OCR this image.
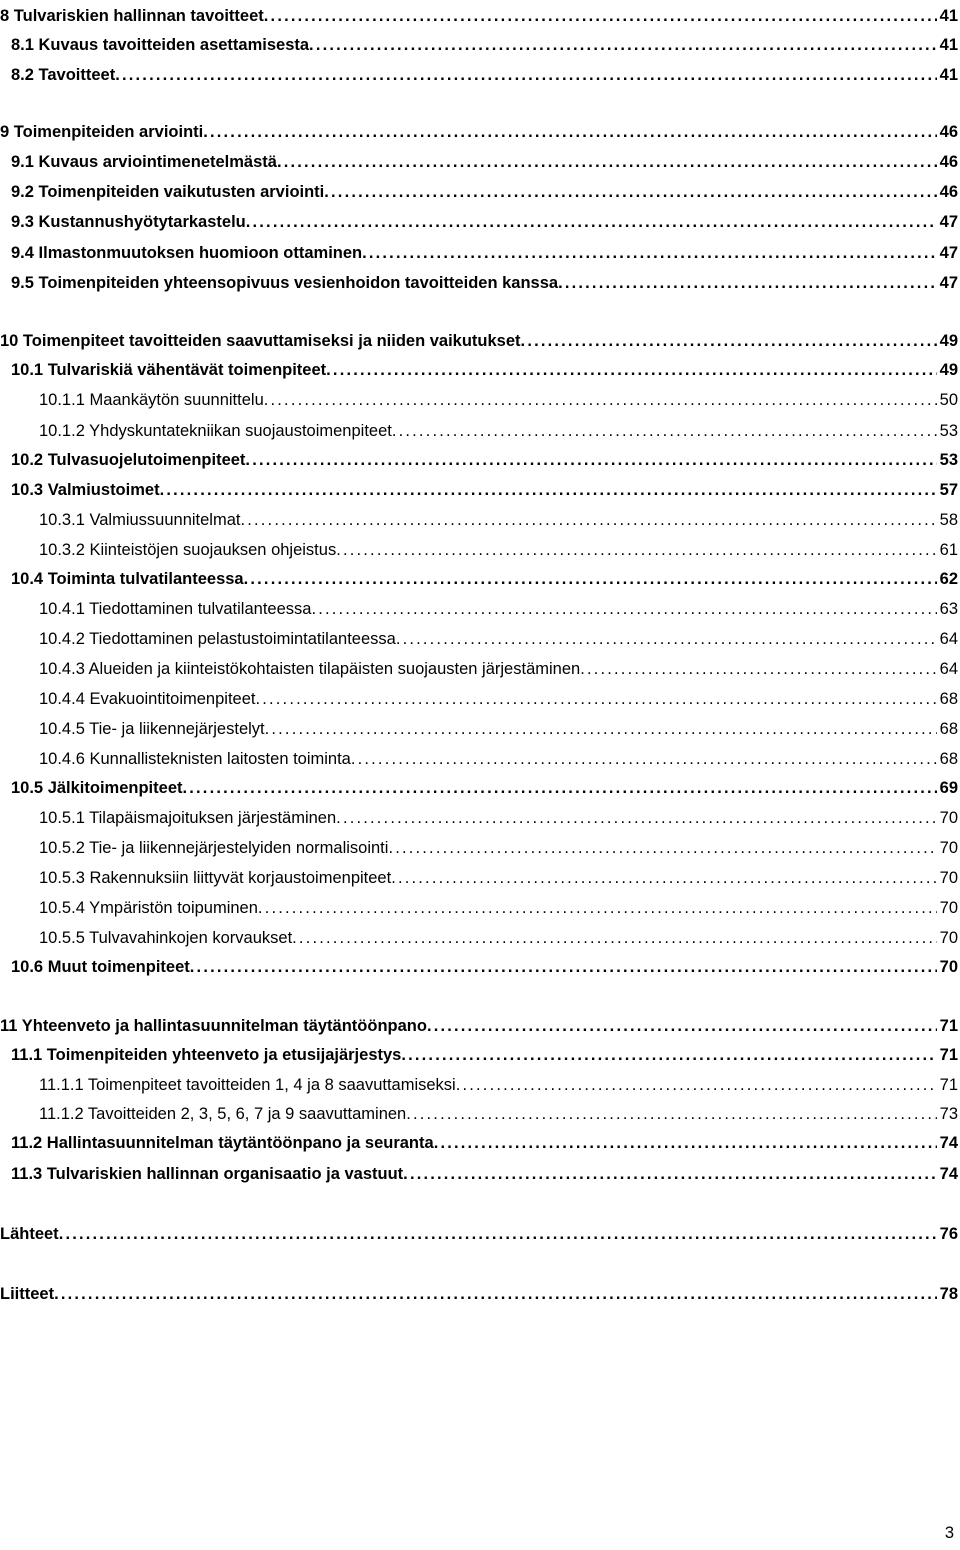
8 Tulvariskien hallinnan tavoitteet . . .	41
8.1 Kuvaus tavoitteiden asettamisesta . . .	41
8.2 Tavoitteet . . .	41
9 Toimenpiteiden arviointi . . .	46
9.1 Kuvaus arviointimenetelmästä . . .	46
9.2 Toimenpiteiden vaikutusten arviointi . . .	46
9.3 Kustannushyötytarkastelu . . .	47
9.4 Ilmastonmuutoksen huomioon ottaminen . . .	47
9.5 Toimenpiteiden yhteensopivuus vesienhoidon tavoitteiden kanssa . . .	47
10 Toimenpiteet tavoitteiden saavuttamiseksi ja niiden vaikutukset . . .	49
10.1 Tulvariskiä vähentävät toimenpiteet . . .	49
10.1.1 Maankäytön suunnittelu . . .	50
10.1.2 Yhdyskuntatekniikan suojaustoimenpiteet . . .	53
10.2 Tulvasuojelutoimenpiteet . . .	53
10.3 Valmiustoimet . . .	57
10.3.1 Valmiussuunnitelmat . . .	58
10.3.2 Kiinteistöjen suojauksen ohjeistus . . .	61
10.4 Toiminta tulvatilanteessa . . .	62
10.4.1 Tiedottaminen tulvatilanteessa . . .	63
10.4.2 Tiedottaminen pelastustoimintatilanteessa . . .	64
10.4.3 Alueiden ja kiinteistökohtaisten tilapäisten suojausten järjestäminen . . .	64
10.4.4 Evakuointitoimenpiteet . . .	68
10.4.5 Tie- ja liikennejärjestelyt . . .	68
10.4.6 Kunnallisteknisten laitosten toiminta . . .	68
10.5 Jälkitoimenpiteet . . .	69
10.5.1 Tilapäismajoituksen järjestäminen . . .	70
10.5.2 Tie- ja liikennejärjestelyiden normalisointi . . .	70
10.5.3 Rakennuksiin liittyvät korjaustoimenpiteet . . .	70
10.5.4 Ympäristön toipuminen . . .	70
10.5.5 Tulvavahinkojen korvaukset . . .	70
10.6 Muut toimenpiteet . . .	70
11 Yhteenveto ja hallintasuunnitelman täytäntöönpano . . .	71
11.1 Toimenpiteiden yhteenveto ja etusijajärjestys . . .	71
11.1.1 Toimenpiteet tavoitteiden 1, 4 ja 8 saavuttamiseksi . . .	71
11.1.2 Tavoitteiden 2, 3, 5, 6, 7 ja 9 saavuttaminen . . .	73
11.2 Hallintasuunnitelman täytäntöönpano ja seuranta . . .	74
11.3 Tulvariskien hallinnan organisaatio ja vastuut . . .	74
Lähteet . . .	76
Liitteet . . .	78
3
